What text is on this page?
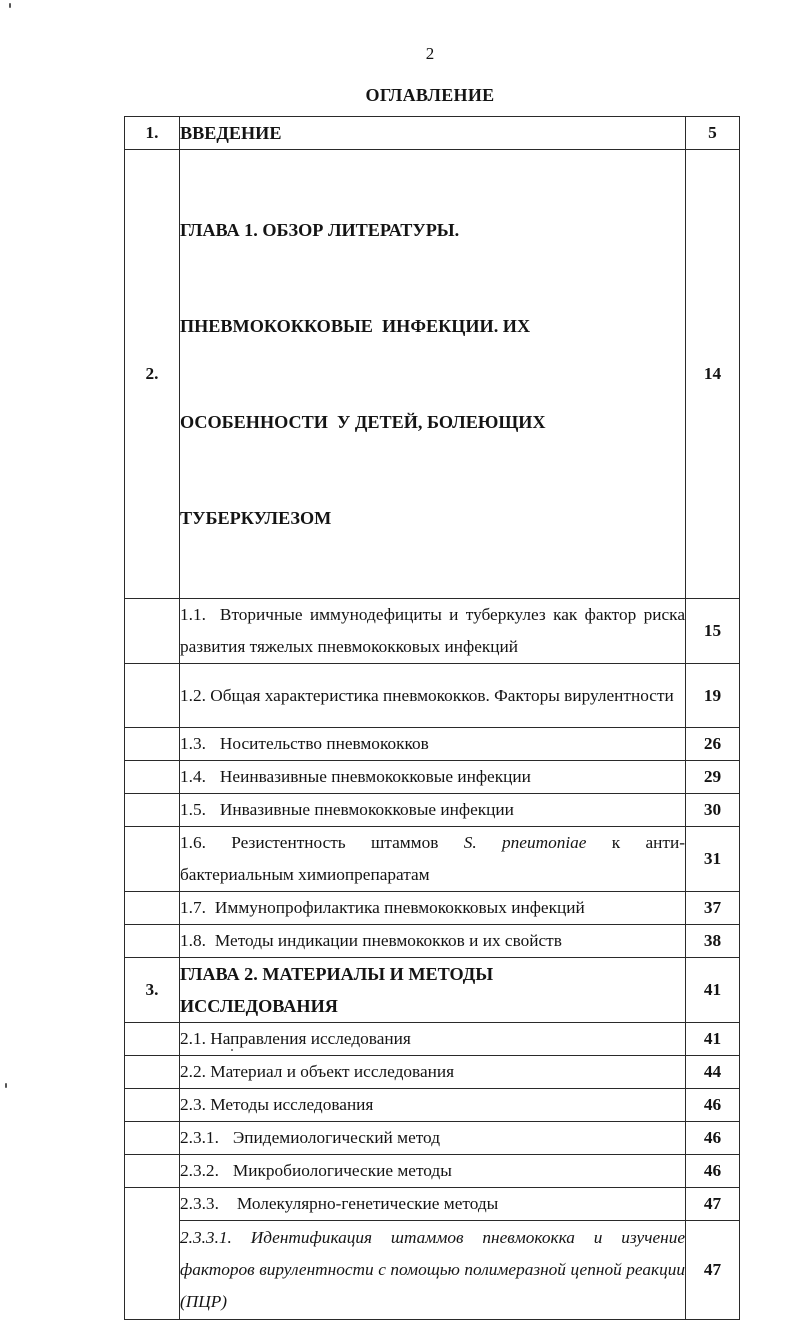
2
ОГЛАВЛЕНИЕ
1.	ВВЕДЕНИЕ	5
2.	ГЛАВА 1. ОБЗОР ЛИТЕРАТУРЫ.

ПНЕВМОКОККОВЫЕ  ИНФЕКЦИИ. ИХ

ОСОБЕННОСТИ  У ДЕТЕЙ, БОЛЕЮЩИХ

ТУБЕРКУЛЕЗОМ	14
	1.1. Вторичные иммунодефициты и туберкулез как фактор риска развития тяжелых пневмококковых инфекций	15
	1.2. Общая характеристика пневмококков. Факторы вирулентности	19
	1.3. Носительство пневмококков	26
	1.4. Неинвазивные пневмококковые инфекции	29
	1.5. Инвазивные пневмококковые инфекции	30

	1.6. Резистентность штаммов S. pneumoniae к анти-
бактериальным химиопрепаратам	31
	1.7. Иммунопрофилактика пневмококковых инфекций	37
	1.8. Методы индикации пневмококков и их свойств	38
3.	ГЛАВА 2. МАТЕРИАЛЫ И МЕТОДЫ
ИССЛЕДОВАНИЯ	41
	2.1. Направления исследования	41
	2.2. Материал и объект исследования	44
	2.3. Методы исследования	46
	2.3.1. Эпидемиологический метод	46
	2.3.2. Микробиологические методы	46
	2.3.3. Молекулярно-генетические методы	47
	2.3.3.1. Идентификация штаммов пневмококка и изучение факторов вирулентности с помощью полимеразной цепной реакции (ПЦР)	47
